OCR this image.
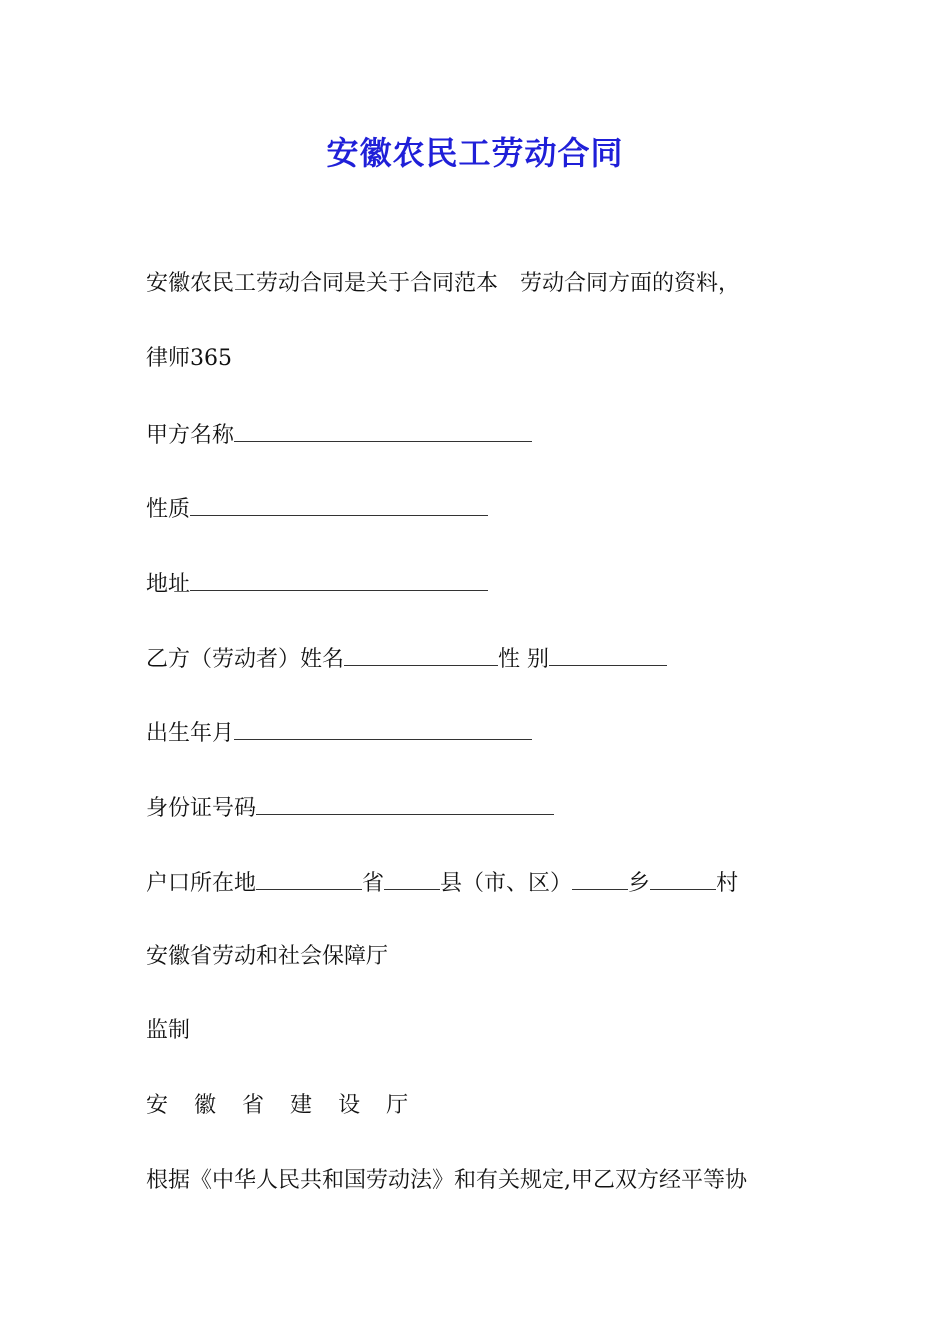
安徽农民工劳动合同
安徽农民工劳动合同是关于合同范本　劳动合同方面的资料，
律师365
甲方名称
性质
地址
乙方（劳动者）姓名	性 别
出生年月
身份证号码
户口所在地	省	县（市、区）	乡	村
安徽省劳动和社会保障厅
监制
安 徽 省 建 设 厅
根据《中华人民共和国劳动法》和有关规定,甲乙双方经平等协
